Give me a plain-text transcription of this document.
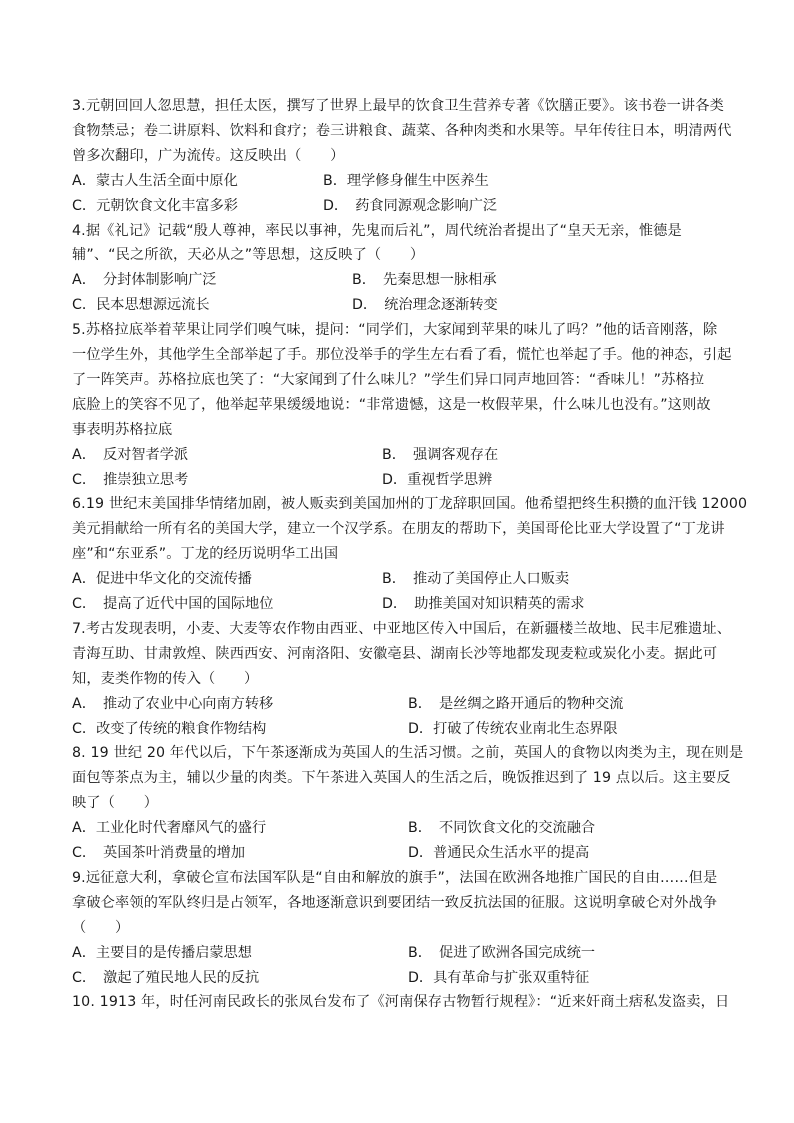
3.元朝回回人忽思慧，担任太医，撰写了世界上最早的饮食卫生营养专著《饮膳正要》。该书卷一讲各类
食物禁忌；卷二讲原料、饮料和食疗；卷三讲粮食、蔬菜、各种肉类和水果等。早年传往日本，明清两代
曾多次翻印，广为流传。这反映出（　　）
A．蒙古人生活全面中原化	B．理学修身催生中医养生
C．元朝饮食文化丰富多彩	D．　药食同源观念影响广泛
4.据《礼记》记载“殷人尊神，率民以事神，先鬼而后礼”，周代统治者提出了“皇天无亲，惟德是
辅”、“民之所欲，天必从之”等思想，这反映了（　　）
A．　分封体制影响广泛	B．　先秦思想一脉相承
C．民本思想源远流长	D．　统治理念逐渐转变
5.苏格拉底举着苹果让同学们嗅气味，提问：“同学们，大家闻到苹果的味儿了吗？”他的话音刚落，除
一位学生外，其他学生全部举起了手。那位没举手的学生左右看了看，慌忙也举起了手。他的神态，引起
了一阵笑声。苏格拉底也笑了：“大家闻到了什么味儿？”学生们异口同声地回答：“香味儿！”苏格拉
底脸上的笑容不见了，他举起苹果缓缓地说：“非常遗憾，这是一枚假苹果，什么味儿也没有。”这则故
事表明苏格拉底
A．　反对智者学派	B．　强调客观存在
C．　推崇独立思考	D．重视哲学思辨
6.19 世纪末美国排华情绪加剧，被人贩卖到美国加州的丁龙辞职回国。他希望把终生积攒的血汗钱 12000
美元捐献给一所有名的美国大学，建立一个汉学系。在朋友的帮助下，美国哥伦比亚大学设置了“丁龙讲
座”和“东亚系”。丁龙的经历说明华工出国
A．促进中华文化的交流传播	B．　推动了美国停止人口贩卖
C．　提高了近代中国的国际地位	D．　助推美国对知识精英的需求
7.考古发现表明，小麦、大麦等农作物由西亚、中亚地区传入中国后，在新疆楼兰故地、民丰尼雅遗址、
青海互助、甘肃敦煌、陕西西安、河南洛阳、安徽亳县、湖南长沙等地都发现麦粒或炭化小麦。据此可
知，麦类作物的传入（　　）
A．　推动了农业中心向南方转移	B．　是丝绸之路开通后的物种交流
C．改变了传统的粮食作物结构	D．打破了传统农业南北生态界限
8. 19 世纪 20 年代以后，下午茶逐渐成为英国人的生活习惯。之前，英国人的食物以肉类为主，现在则是
面包等茶点为主，辅以少量的肉类。下午茶进入英国人的生活之后，晚饭推迟到了 19 点以后。这主要反
映了（　　）
A．工业化时代奢靡风气的盛行	B．　不同饮食文化的交流融合
C．　英国茶叶消费量的增加	D．普通民众生活水平的提高
9.远征意大利，拿破仑宣布法国军队是“自由和解放的旗手”，法国在欧洲各地推广国民的自由……但是
拿破仑率领的军队终归是占领军，各地逐渐意识到要团结一致反抗法国的征服。这说明拿破仑对外战争
（　　）
A．主要目的是传播启蒙思想	B．　促进了欧洲各国完成统一
C．　激起了殖民地人民的反抗	D．具有革命与扩张双重特征
10. 1913 年，时任河南民政长的张凤台发布了《河南保存古物暂行规程》：“近来奸商土痞私发盗卖，日
